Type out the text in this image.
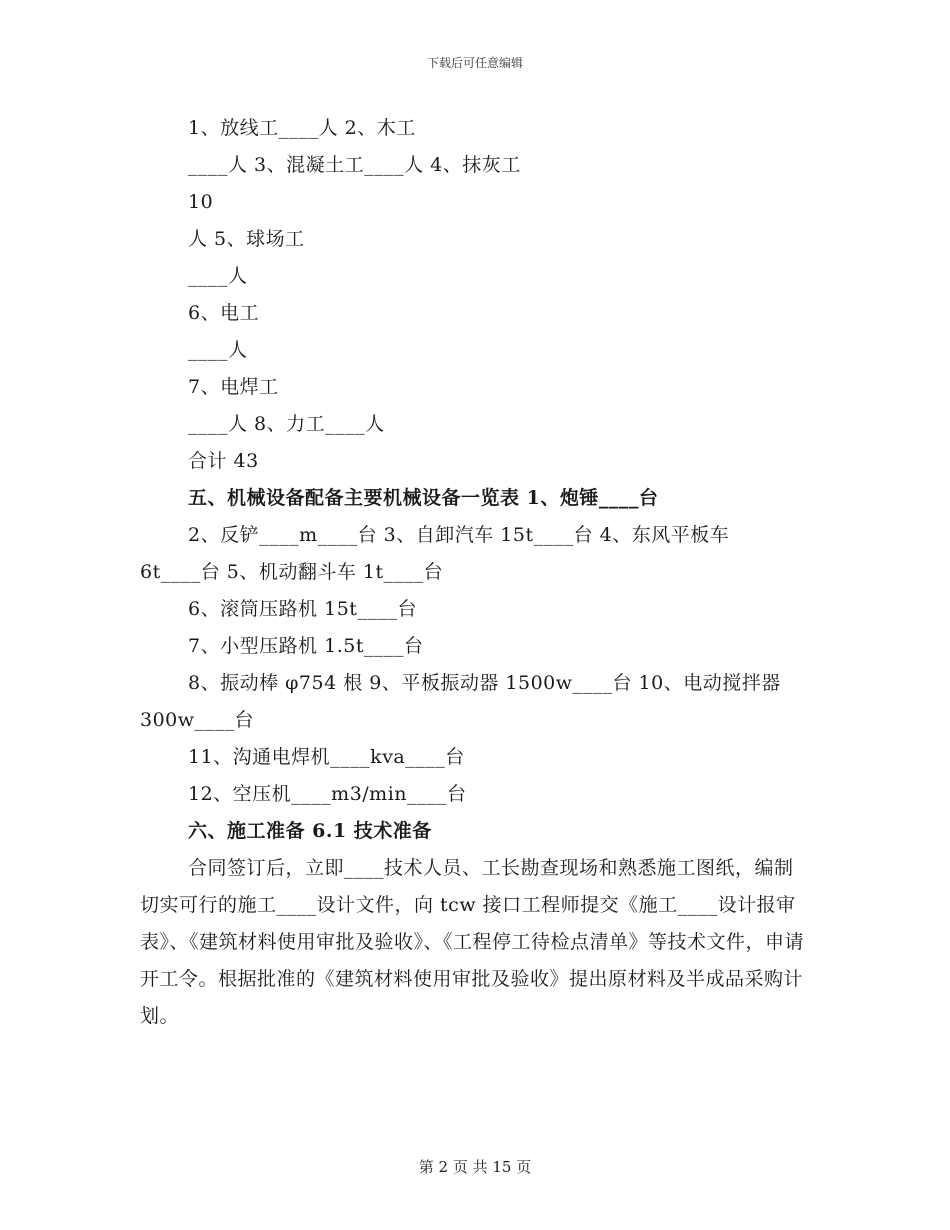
下载后可任意编辑
1、放线工____人 2、木工
____人 3、混凝土工____人 4、抹灰工
10
人 5、球场工
____人
6、电工
____人
7、电焊工
____人 8、力工____人
合计 43
五、机械设备配备主要机械设备一览表 1、炮锤____台
2、反铲____m____台 3、自卸汽车 15t____台 4、东风平板车
6t____台 5、机动翻斗车 1t____台
6、滚筒压路机 15t____台
7、小型压路机 1.5t____台
8、振动棒 φ754 根 9、平板振动器 1500w____台 10、电动搅拌器
300w____台
11、沟通电焊机____kva____台
12、空压机____m3/min____台
六、施工准备 6.1 技术准备

合同签订后，立即____技术人员、工长勘查现场和熟悉施工图纸，编制切实可行的施工____设计文件，向 tcw 接口工程师提交《施工____设计报审表》、《建筑材料使用审批及验收》、《工程停工待检点清单》等技术文件，申请开工令。根据批准的《建筑材料使用审批及验收》提出原材料及半成品采购计划。

第 2 页 共 15 页
